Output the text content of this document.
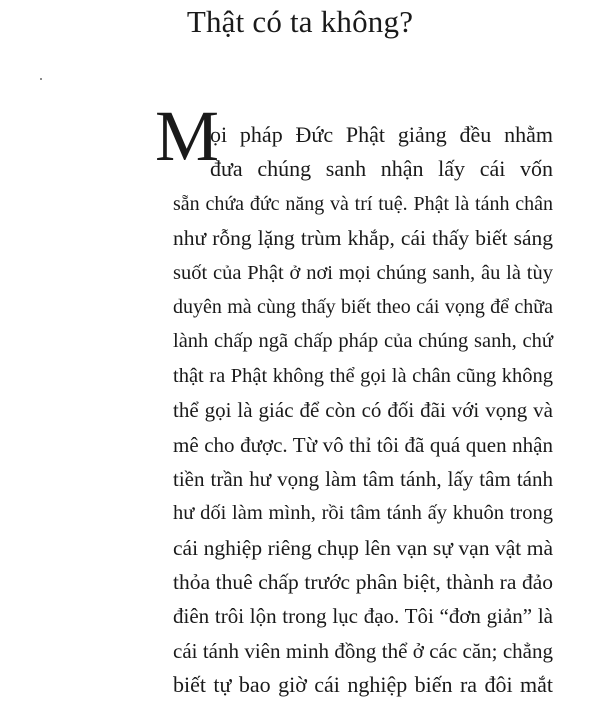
Thật có ta không?
M
ọi pháp Đức Phật giảng đều nhằm
đưa chúng sanh nhận lấy cái vốn
sẵn chứa đức năng và trí tuệ. Phật là tánh chân
như rỗng lặng trùm khắp, cái thấy biết sáng
suốt của Phật ở nơi mọi chúng sanh, âu là tùy
duyên mà cùng thấy biết theo cái vọng để chữa
lành chấp ngã chấp pháp của chúng sanh, chứ
thật ra Phật không thể gọi là chân cũng không
thể gọi là giác để còn có đối đãi với vọng và
mê cho được. Từ vô thỉ tôi đã quá quen nhận
tiền trần hư vọng làm tâm tánh, lấy tâm tánh
hư dối làm mình, rồi tâm tánh ấy khuôn trong
cái nghiệp riêng chụp lên vạn sự vạn vật mà
thỏa thuê chấp trước phân biệt, thành ra đảo
điên trôi lộn trong lục đạo. Tôi “đơn giản” là
cái tánh viên minh đồng thể ở các căn; chẳng
biết tự bao giờ cái nghiệp biến ra đôi mắt
